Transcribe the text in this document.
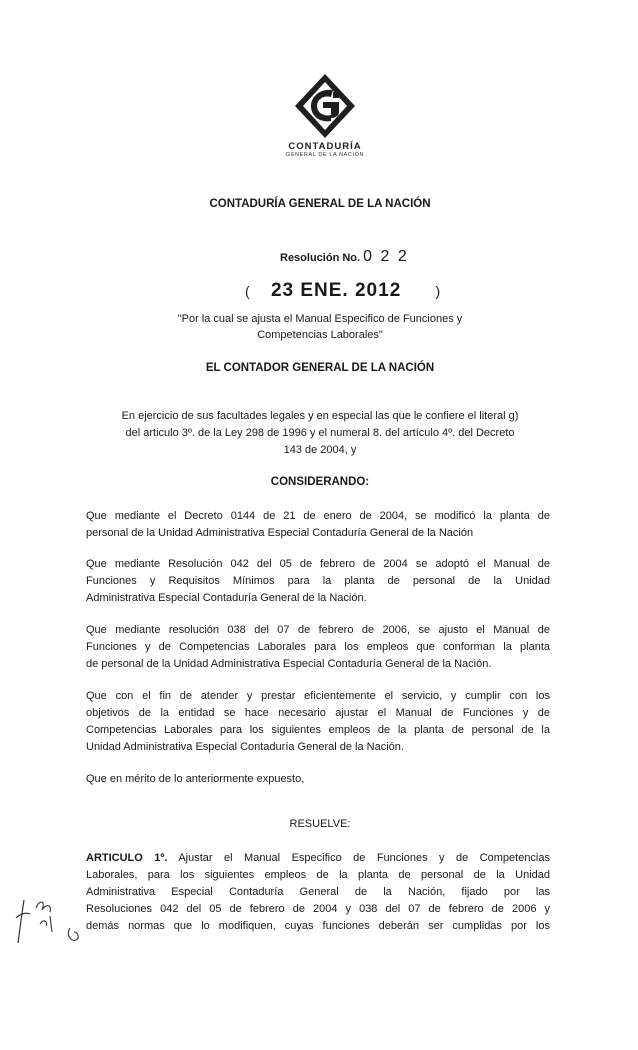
CONTADURÍA
GENERAL DE LA NACIÓN
CONTADURÍA GENERAL DE LA NACIÓN
Resolución No. 0 2 2
( 23 ENE. 2012 )
"Por la cual se ajusta el Manual Especifico de Funciones y
Competencias Laborales"
EL CONTADOR GENERAL DE LA NACIÓN
En ejercicio de sus facultades legales y en especial las que le confiere el literal g)
del articulo 3º. de la Ley 298 de 1996 y el numeral 8. del artículo 4º. del Decreto
143 de 2004, y
CONSIDERANDO:
Que mediante el Decreto 0144 de 21 de enero de 2004, se modificó la planta de
personal de la Unidad Administrativa Especial Contaduría General de la Nación
Que mediante Resolución 042 del 05 de febrero de 2004 se adoptó el Manual de
Funciones y Requisitos Mínimos para la planta de personal de la Unidad
Administrativa Especial Contaduría General de la Nación.
Que mediante resolución 038 del 07 de febrero de 2006, se ajusto el Manual de
Funciones y de Competencias Laborales para los empleos que conforman la planta
de personal de la Unidad Administrativa Especial Contaduría General de la Nación.
Que con el fin de atender y prestar eficientemente el servicio, y cumplir con los
objetivos de la entidad se hace necesario ajustar el Manual de Funciones y de
Competencias Laborales para los siguientes empleos de la planta de personal de la
Unidad Administrativa Especial Contaduría General de la Nación.
Que en mérito de lo anteriormente expuesto,
RESUELVE:
ARTICULO 1º. Ajustar el Manual Especifico de Funciones y de Competencias
Laborales, para los siguientes empleos de la planta de personal de la Unidad
Administrativa Especial Contaduría General de la Nación, fijado por las
Resoluciones 042 del 05 de febrero de 2004 y 038 del 07 de febrero de 2006 y
demás normas que lo modifiquen, cuyas funciones deberán ser cumplidas por los
